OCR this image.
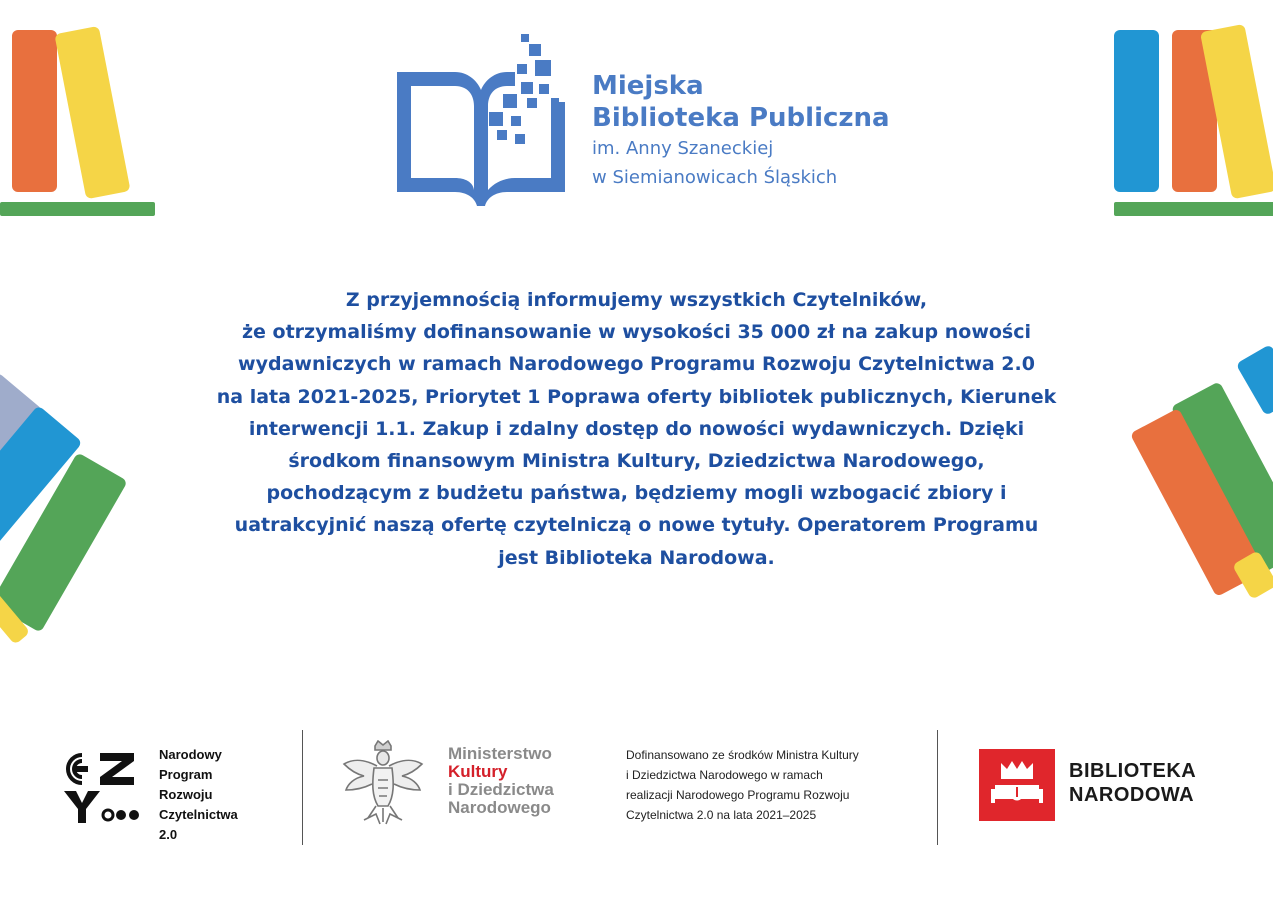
Miejska
Biblioteka Publiczna
im. Anny Szaneckiej
w Siemianowicach Śląskich
Z przyjemnością informujemy wszystkich Czytelników,
że otrzymaliśmy dofinansowanie w wysokości 35 000 zł na zakup nowości
wydawniczych w ramach Narodowego Programu Rozwoju Czytelnictwa 2.0
na lata 2021-2025, Priorytet 1 Poprawa oferty bibliotek publicznych, Kierunek
interwencji 1.1. Zakup i zdalny dostęp do nowości wydawniczych. Dzięki
środkom finansowym Ministra Kultury, Dziedzictwa Narodowego,
pochodzącym z budżetu państwa, będziemy mogli wzbogacić zbiory i
uatrakcyjnić naszą ofertę czytelniczą o nowe tytuły. Operatorem Programu
jest Biblioteka Narodowa.
Narodowy
Program
Rozwoju
Czytelnictwa
2.0
Ministerstwo
Kultury
i Dziedzictwa
Narodowego
Dofinansowano ze środków Ministra Kultury
i Dziedzictwa Narodowego w ramach
realizacji Narodowego Programu Rozwoju
Czytelnictwa 2.0 na lata 2021–2025
BIBLIOTEKA
NARODOWA
